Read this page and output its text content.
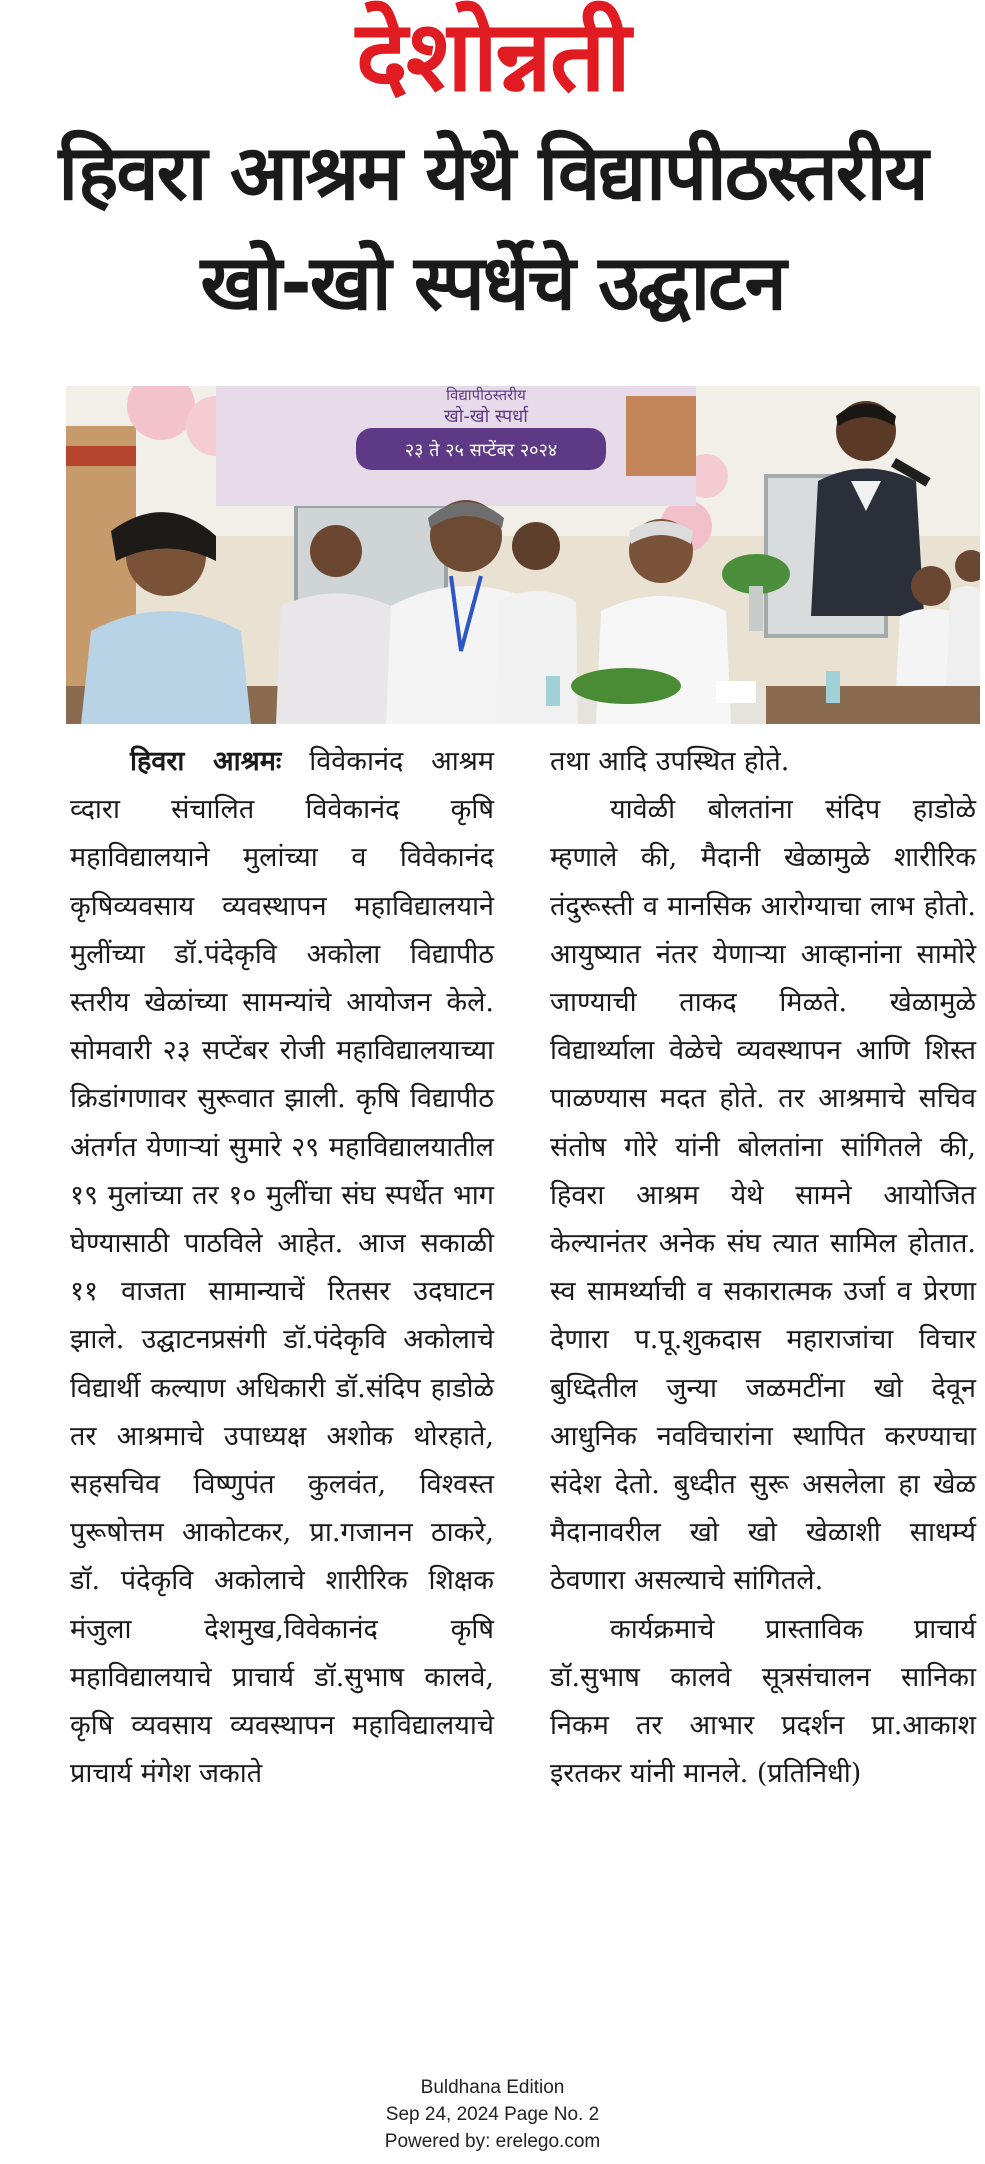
देशोन्नती
हिवरा आश्रम येथे विद्यापीठस्तरीय
खो-खो स्पर्धेचे उद्घाटन
विद्यापीठस्तरीय
खो-खो स्पर्धा
२३ ते २५ सप्टेंबर २०२४

हिवरा आश्रमः विवेकानंद आश्रम व्दारा संचालित विवेकानंद कृषि महाविद्यालयाने मुलांच्या व विवेकानंद कृषिव्यवसाय व्यवस्थापन महाविद्यालयाने मुलींच्या डॉ.पंदेकृवि अकोला विद्यापीठ स्तरीय खेळांच्या सामन्यांचे आयोजन केले. सोमवारी २३ सप्टेंबर रोजी महाविद्यालयाच्या क्रिडांगणावर सुरूवात झाली. कृषि विद्यापीठ अंतर्गत येणाऱ्यां सुमारे २९ महाविद्यालयातील १९ मुलांच्या तर १० मुलींचा संघ स्पर्धेत भाग घेण्यासाठी पाठविले आहेत. आज सकाळी ११ वाजता सामान्याचें रितसर उदघाटन झाले. उद्घाटनप्रसंगी डॉ.पंदेकृवि अकोलाचे विद्यार्थी कल्याण अधिकारी डॉ.संदिप हाडोळे तर आश्रमाचे उपाध्यक्ष अशोक थोरहाते, सहसचिव विष्णुपंत कुलवंत, विश्वस्त पुरूषोत्तम आकोटकर, प्रा.गजानन ठाकरे, डॉ. पंदेकृवि अकोलाचे शारीरिक शिक्षक मंजुला देशमुख,विवेकानंद कृषि महाविद्यालयाचे प्राचार्य डॉ.सुभाष कालवे, कृषि व्यवसाय व्यवस्थापन महाविद्यालयाचे प्राचार्य मंगेश जकाते

तथा आदि उपस्थित होते.

यावेळी बोलतांना संदिप हाडोळे म्हणाले की, मैदानी खेळामुळे शारीरिक तंदुरूस्ती व मानसिक आरोग्याचा लाभ होतो. आयुष्यात नंतर येणाऱ्या आव्हानांना सामोरे जाण्याची ताकद मिळते. खेळामुळे विद्यार्थ्याला वेळेचे व्यवस्थापन आणि शिस्त पाळण्यास मदत होते. तर आश्रमाचे सचिव संतोष गोरे यांनी बोलतांना सांगितले की, हिवरा आश्रम येथे सामने आयोजित केल्यानंतर अनेक संघ त्यात सामिल होतात. स्व सामर्थ्याची व सकारात्मक उर्जा व प्रेरणा देणारा प.पू.शुकदास महाराजांचा विचार बुध्दितील जुन्या जळमटींना खो देवून आधुनिक नवविचारांना स्थापित करण्याचा संदेश देतो. बुध्दीत सुरू असलेला हा खेळ मैदानावरील खो खो खेळाशी साधर्म्य ठेवणारा असल्याचे सांगितले.

कार्यक्रमाचे प्रास्ताविक प्राचार्य डॉ.सुभाष कालवे सूत्रसंचालन सानिका निकम तर आभार प्रदर्शन प्रा.आकाश इरतकर यांनी मानले. (प्रतिनिधी)

Buldhana Edition
Sep 24, 2024 Page No. 2
Powered by: erelego.com
